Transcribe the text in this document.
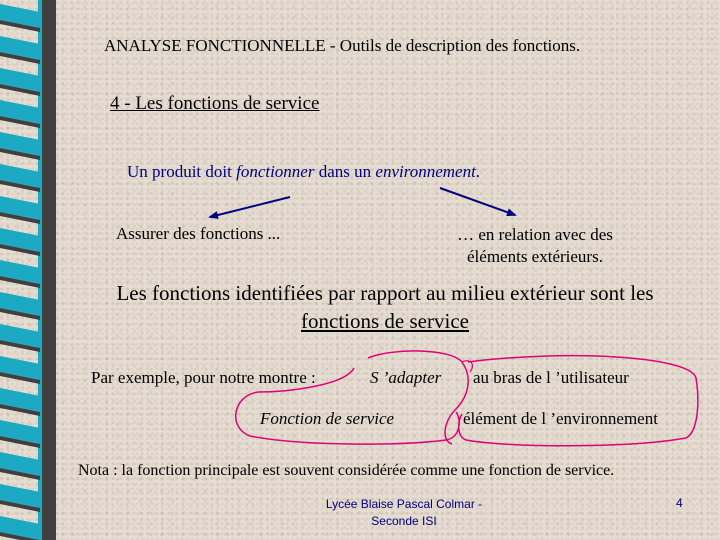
ANALYSE FONCTIONNELLE - Outils de description des fonctions.
4 - Les fonctions de service
Un produit doit fonctionner dans un environnement.
Assurer des fonctions ...	… en relation avec des
éléments extérieurs.
Les fonctions identifiées par rapport au milieu extérieur sont les
fonctions de service
Par exemple, pour notre montre :	S ’adapter au bras de l ’utilisateur
Fonction de service	élément de l ’environnement
Nota : la fonction principale est souvent considérée comme une fonction de service.
Lycée Blaise Pascal Colmar -
Seconde ISI
4
